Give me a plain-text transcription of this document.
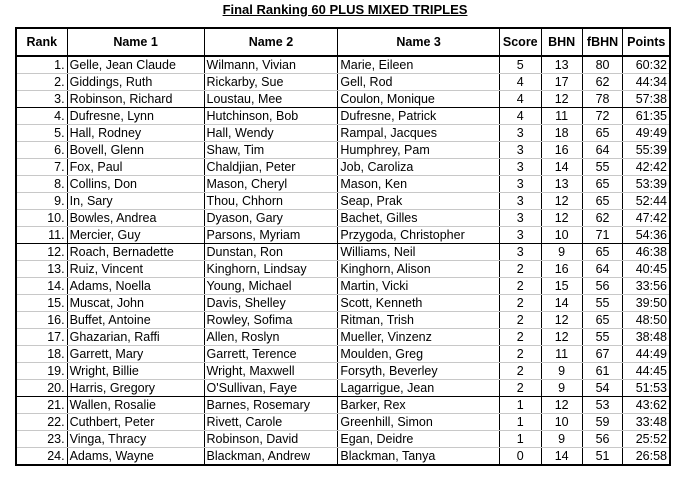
Final Ranking 60 PLUS MIXED TRIPLES
Rank	Name 1	Name 2	Name 3	Score	BHN	fBHN	Points
1.	Gelle, Jean Claude	Wilmann, Vivian	Marie, Eileen	5	13	80	60:32
2.	Giddings, Ruth	Rickarby, Sue	Gell, Rod	4	17	62	44:34
3.	Robinson, Richard	Loustau, Mee	Coulon, Monique	4	12	78	57:38
4.	Dufresne, Lynn	Hutchinson, Bob	Dufresne, Patrick	4	11	72	61:35
5.	Hall, Rodney	Hall, Wendy	Rampal, Jacques	3	18	65	49:49
6.	Bovell, Glenn	Shaw, Tim	Humphrey, Pam	3	16	64	55:39
7.	Fox, Paul	Chaldjian, Peter	Job, Caroliza	3	14	55	42:42
8.	Collins, Don	Mason, Cheryl	Mason, Ken	3	13	65	53:39
9.	In, Sary	Thou, Chhorn	Seap, Prak	3	12	65	52:44
10.	Bowles, Andrea	Dyason, Gary	Bachet, Gilles	3	12	62	47:42
11.	Mercier, Guy	Parsons, Myriam	Przygoda, Christopher	3	10	71	54:36
12.	Roach, Bernadette	Dunstan, Ron	Williams, Neil	3	9	65	46:38
13.	Ruiz, Vincent	Kinghorn, Lindsay	Kinghorn, Alison	2	16	64	40:45
14.	Adams, Noella	Young, Michael	Martin, Vicki	2	15	56	33:56
15.	Muscat, John	Davis, Shelley	Scott, Kenneth	2	14	55	39:50
16.	Buffet, Antoine	Rowley, Sofima	Ritman, Trish	2	12	65	48:50
17.	Ghazarian, Raffi	Allen, Roslyn	Mueller, Vinzenz	2	12	55	38:48
18.	Garrett, Mary	Garrett, Terence	Moulden, Greg	2	11	67	44:49
19.	Wright, Billie	Wright, Maxwell	Forsyth, Beverley	2	9	61	44:45
20.	Harris, Gregory	O'Sullivan, Faye	Lagarrigue, Jean	2	9	54	51:53
21.	Wallen, Rosalie	Barnes, Rosemary	Barker, Rex	1	12	53	43:62
22.	Cuthbert, Peter	Rivett, Carole	Greenhill, Simon	1	10	59	33:48
23.	Vinga, Thracy	Robinson, David	Egan, Deidre	1	9	56	25:52
24.	Adams, Wayne	Blackman, Andrew	Blackman, Tanya	0	14	51	26:58
